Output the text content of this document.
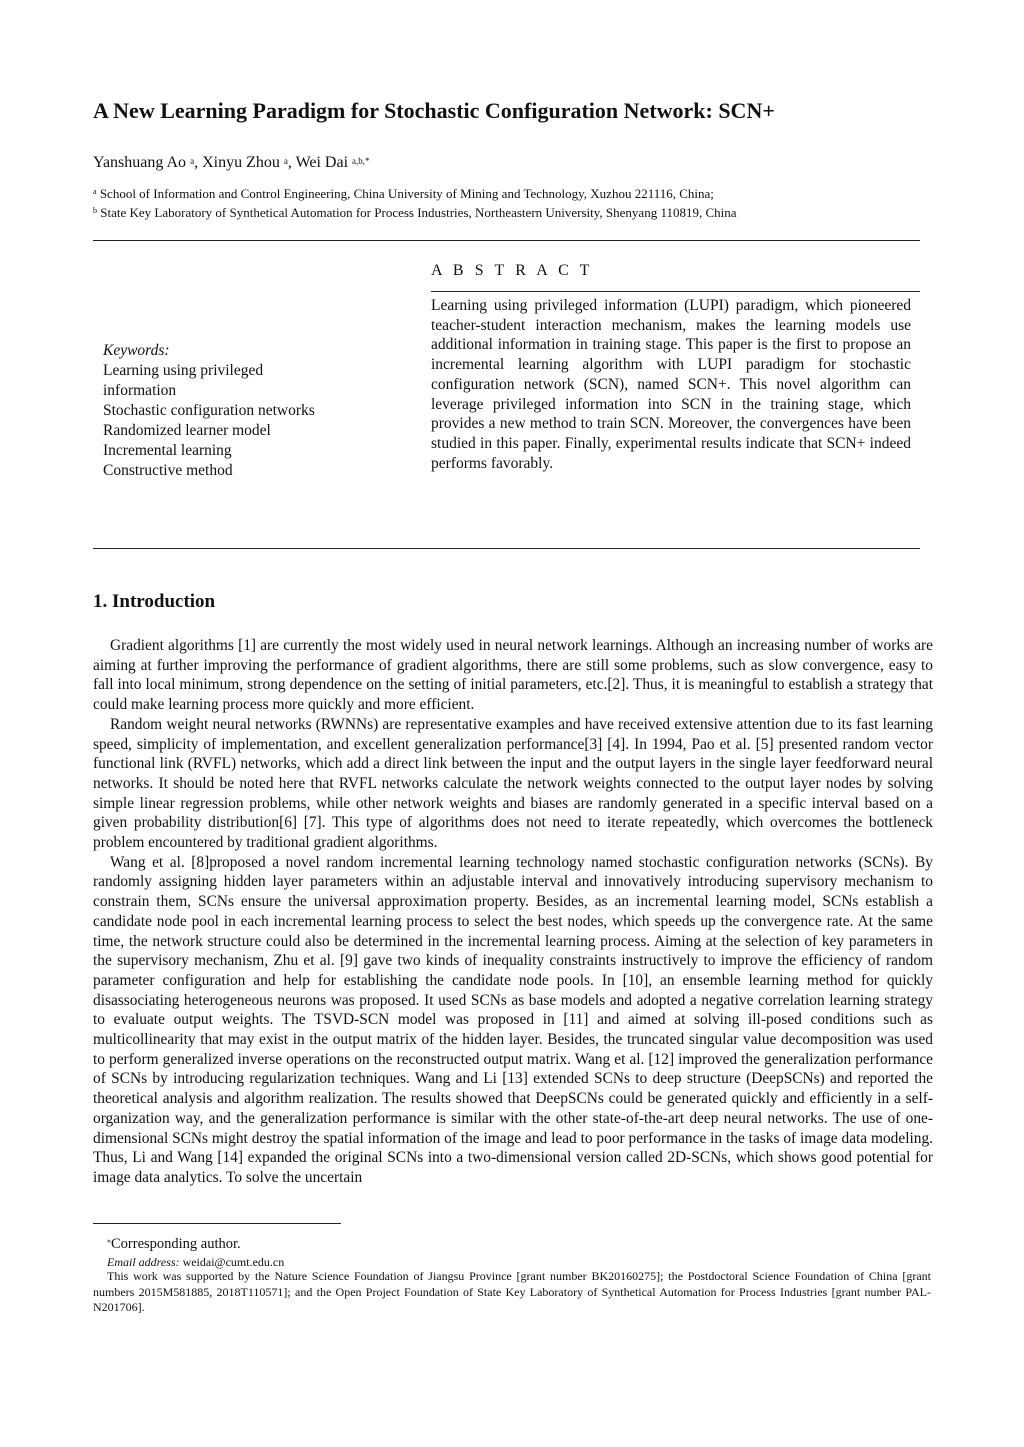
A New Learning Paradigm for Stochastic Configuration Network: SCN+
Yanshuang Ao $^a$, Xinyu Zhou $^a$, Wei Dai $^{a,b,*}$
$^a$ School of Information and Control Engineering, China University of Mining and Technology, Xuzhou 221116, China;
$^b$ State Key Laboratory of Synthetical Automation for Process Industries, Northeastern University, Shenyang 110819, China
Keywords:
Learning using privileged
information
Stochastic configuration networks
Randomized learner model
Incremental learning
Constructive method
A B S T R A C T
Learning using privileged information (LUPI) paradigm, which pioneered teacher-student interaction mechanism, makes the learning models use additional information in training stage. This paper is the first to propose an incremental learning algorithm with LUPI paradigm for stochastic configuration network (SCN), named SCN+. This novel algorithm can leverage privileged information into SCN in the training stage, which provides a new method to train SCN. Moreover, the convergences have been studied in this paper. Finally, experimental results indicate that SCN+ indeed performs favorably.
1. Introduction

Gradient algorithms [1] are currently the most widely used in neural network learnings. Although an increasing number of works are aiming at further improving the performance of gradient algorithms, there are still some problems, such as slow convergence, easy to fall into local minimum, strong dependence on the setting of initial parameters, etc.[2]. Thus, it is meaningful to establish a strategy that could make learning process more quickly and more efficient.

Random weight neural networks (RWNNs) are representative examples and have received extensive attention due to its fast learning speed, simplicity of implementation, and excellent generalization performance[3] [4]. In 1994, Pao et al. [5] presented random vector functional link (RVFL) networks, which add a direct link between the input and the output layers in the single layer feedforward neural networks. It should be noted here that RVFL networks calculate the network weights connected to the output layer nodes by solving simple linear regression problems, while other network weights and biases are randomly generated in a specific interval based on a given probability distribution[6] [7]. This type of algorithms does not need to iterate repeatedly, which overcomes the bottleneck problem encountered by traditional gradient algorithms.

Wang et al. [8]proposed a novel random incremental learning technology named stochastic configuration networks (SCNs). By randomly assigning hidden layer parameters within an adjustable interval and innovatively introducing supervisory mechanism to constrain them, SCNs ensure the universal approximation property. Besides, as an incremental learning model, SCNs establish a candidate node pool in each incremental learning process to select the best nodes, which speeds up the convergence rate. At the same time, the network structure could also be determined in the incremental learning process. Aiming at the selection of key parameters in the supervisory mechanism, Zhu et al. [9] gave two kinds of inequality constraints instructively to improve the efficiency of random parameter configuration and help for establishing the candidate node pools. In [10], an ensemble learning method for quickly disassociating heterogeneous neurons was proposed. It used SCNs as base models and adopted a negative correlation learning strategy to evaluate output weights. The TSVD-SCN model was proposed in [11] and aimed at solving ill-posed conditions such as multicollinearity that may exist in the output matrix of the hidden layer. Besides, the truncated singular value decomposition was used to perform generalized inverse operations on the reconstructed output matrix. Wang et al. [12] improved the generalization performance of SCNs by introducing regularization techniques. Wang and Li [13] extended SCNs to deep structure (DeepSCNs) and reported the theoretical analysis and algorithm realization. The results showed that DeepSCNs could be generated quickly and efficiently in a self-organization way, and the generalization performance is similar with the other state-of-the-art deep neural networks. The use of one-dimensional SCNs might destroy the spatial information of the image and lead to poor performance in the tasks of image data modeling. Thus, Li and Wang [14] expanded the original SCNs into a two-dimensional version called 2D-SCNs, which shows good potential for image data analytics. To solve the uncertain

*Corresponding author.
Email address: weidai@cumt.edu.cn
This work was supported by the Nature Science Foundation of Jiangsu Province [grant number BK20160275]; the Postdoctoral Science Foundation of China [grant numbers 2015M581885, 2018T110571]; and the Open Project Foundation of State Key Laboratory of Synthetical Automation for Process Industries [grant number PAL-N201706].
